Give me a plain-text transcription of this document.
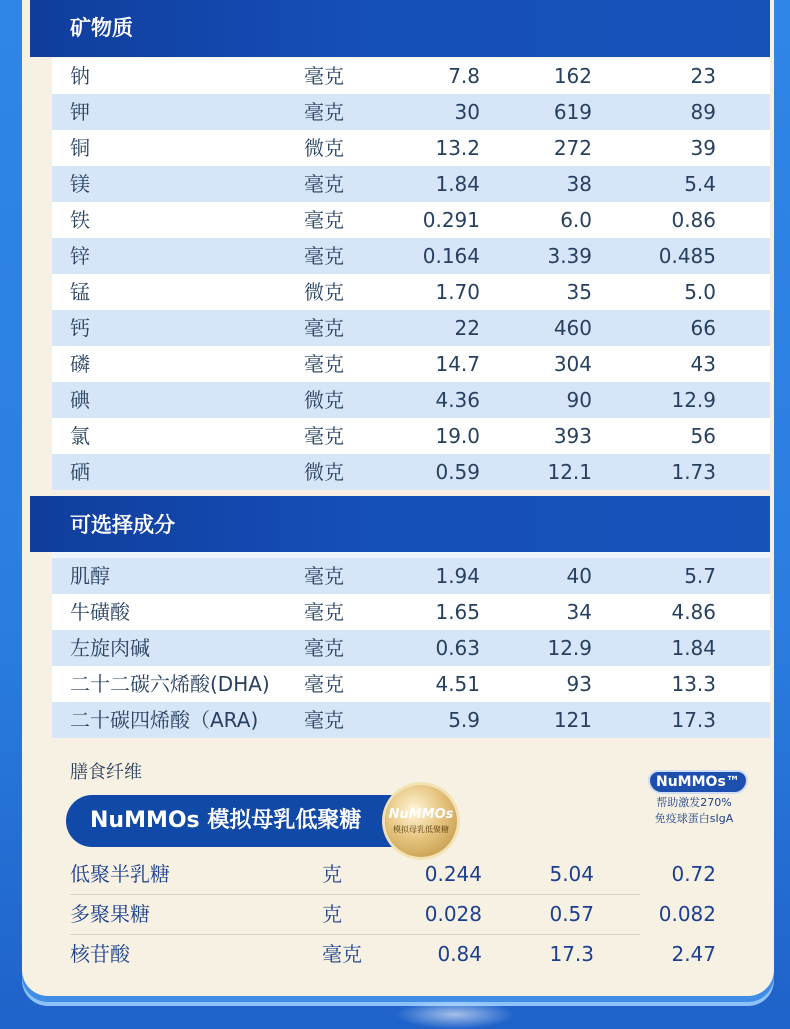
矿物质
钠	毫克	7.8	162	23
钾	毫克	30	619	89
铜	微克	13.2	272	39
镁	毫克	1.84	38	5.4
铁	毫克	0.291	6.0	0.86
锌	毫克	0.164	3.39	0.485
锰	微克	1.70	35	5.0
钙	毫克	22	460	66
磷	毫克	14.7	304	43
碘	微克	4.36	90	12.9
氯	毫克	19.0	393	56
硒	微克	0.59	12.1	1.73
可选择成分
肌醇	毫克	1.94	40	5.7
牛磺酸	毫克	1.65	34	4.86
左旋肉碱	毫克	0.63	12.9	1.84
二十二碳六烯酸(DHA) 毫克	4.51	93	13.3
二十碳四烯酸（ARA) 毫克	5.9	121	17.3
膳食纤维
NuMMOs 模拟母乳低聚糖	NuMMOs
模拟母乳低聚糖
NuMMOs™
帮助激发270%
免疫球蛋白sIgA
低聚半乳糖	克	0.244	5.04	0.72
多聚果糖	克	0.028	0.57	0.082
核苷酸	毫克	0.84	17.3	2.47
